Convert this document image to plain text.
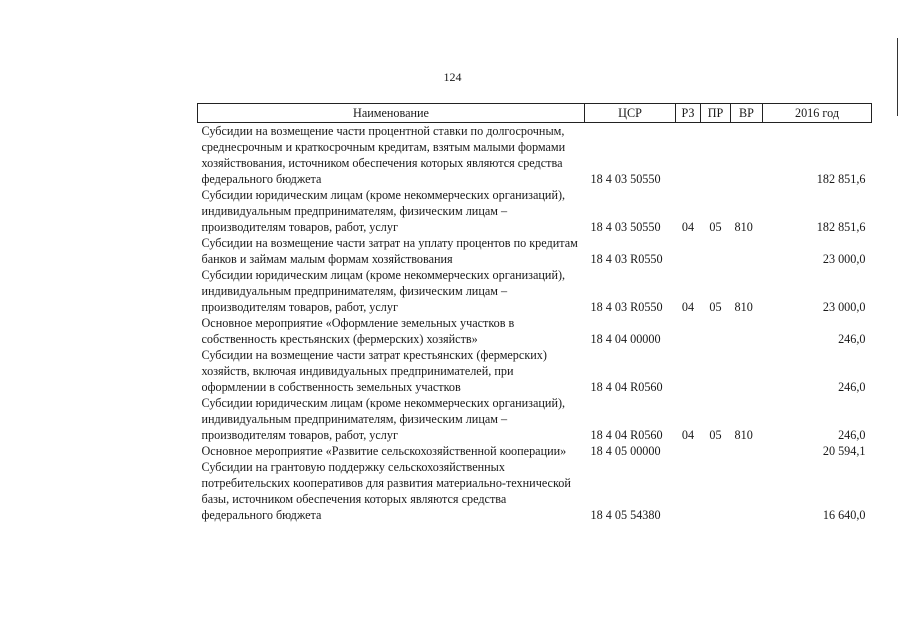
124
Наименование	ЦСР	РЗ	ПР	ВР	2016 год
Субсидии на возмещение части процентной ставки по долгосрочным, среднесрочным и краткосрочным кредитам, взятым малыми формами хозяйствования, источником обеспечения которых являются средства федерального бюджета	18 4 03 50550				182 851,6
Субсидии юридическим лицам (кроме некоммерческих организаций), индивидуальным предпринимателям, физическим лицам – производителям товаров, работ, услуг	18 4 03 50550	04	05	810	182 851,6
Субсидии на возмещение части затрат на уплату процентов по кредитам банков и займам малым формам хозяйствования	18 4 03 R0550				23 000,0
Субсидии юридическим лицам (кроме некоммерческих организаций), индивидуальным предпринимателям, физическим лицам – производителям товаров, работ, услуг	18 4 03 R0550	04	05	810	23 000,0
Основное мероприятие «Оформление земельных участков в собственность крестьянских (фермерских) хозяйств»	18 4 04 00000				246,0
Субсидии на возмещение части затрат крестьянских (фермерских) хозяйств, включая индивидуальных предпринимателей, при оформлении в собственность земельных участков	18 4 04 R0560				246,0
Субсидии юридическим лицам (кроме некоммерческих организаций), индивидуальным предпринимателям, физическим лицам – производителям товаров, работ, услуг	18 4 04 R0560	04	05	810	246,0
Основное мероприятие «Развитие сельскохозяйственной кооперации»	18 4 05 00000				20 594,1
Субсидии на грантовую поддержку сельскохозяйственных потребительских кооперативов для развития материально-технической базы, источником обеспечения которых являются средства федерального бюджета	18 4 05 54380				16 640,0
